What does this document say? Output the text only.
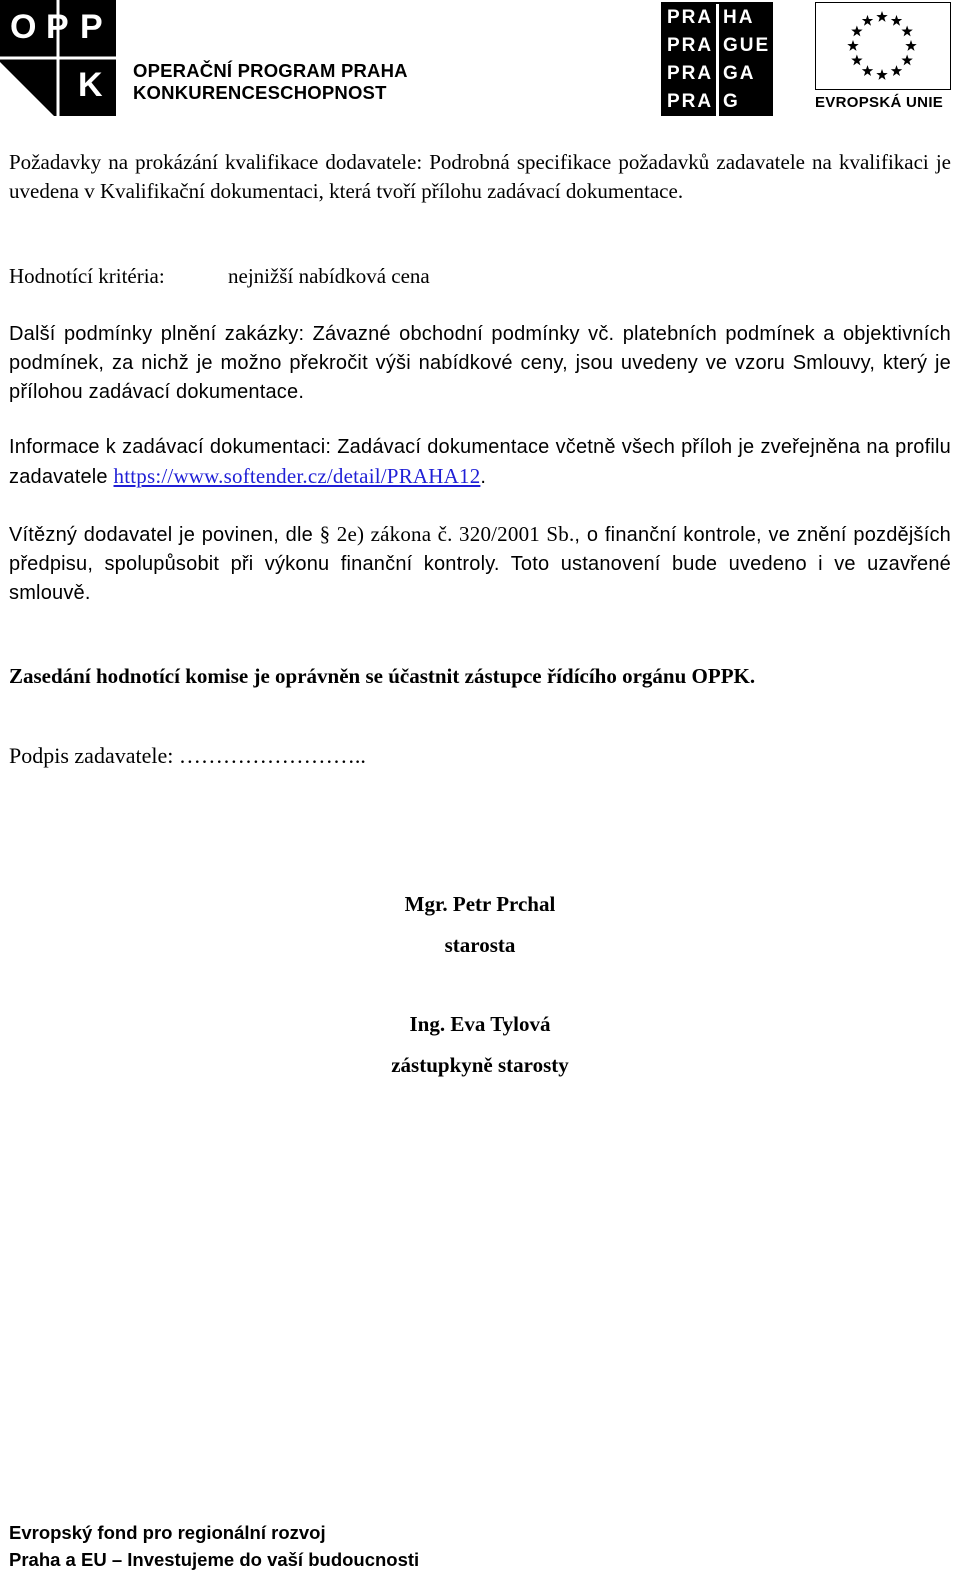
O P P
K OPERAČNÍ PROGRAM PRAHA
KONKURENCESCHOPNOST
PRA HA
PRA GUE
PRA GA
PRA G	EVROPSKÁ UNIE

Požadavky na prokázání kvalifikace dodavatele: Podrobná specifikace požadavků zadavatele na kvalifikaci je uvedena v Kvalifikační dokumentaci, která tvoří přílohu zadávací dokumentace.

Hodnotící kritéria:	nejnižší nabídková cena

Další podmínky plnění zakázky: Závazné obchodní podmínky vč. platebních podmínek a objektivních podmínek, za nichž je možno překročit výši nabídkové ceny, jsou uvedeny ve vzoru Smlouvy, který je přílohou zadávací dokumentace.

Informace k zadávací dokumentaci: Zadávací dokumentace včetně všech příloh je zveřejněna na profilu zadavatele https://www.softender.cz/detail/PRAHA12.

Vítězný dodavatel je povinen, dle § 2e) zákona č. 320/2001 Sb., o finanční kontrole, ve znění pozdějších předpisu, spolupůsobit při výkonu finanční kontroly. Toto ustanovení bude uvedeno i ve uzavřené smlouvě.

Zasedání hodnotící komise je oprávněn se účastnit zástupce řídícího orgánu OPPK.

Podpis zadavatele: ……………………..
Mgr. Petr Prchal
starosta
Ing. Eva Tylová
zástupkyně starosty
Evropský fond pro regionální rozvoj
Praha a EU – Investujeme do vaší budoucnosti
